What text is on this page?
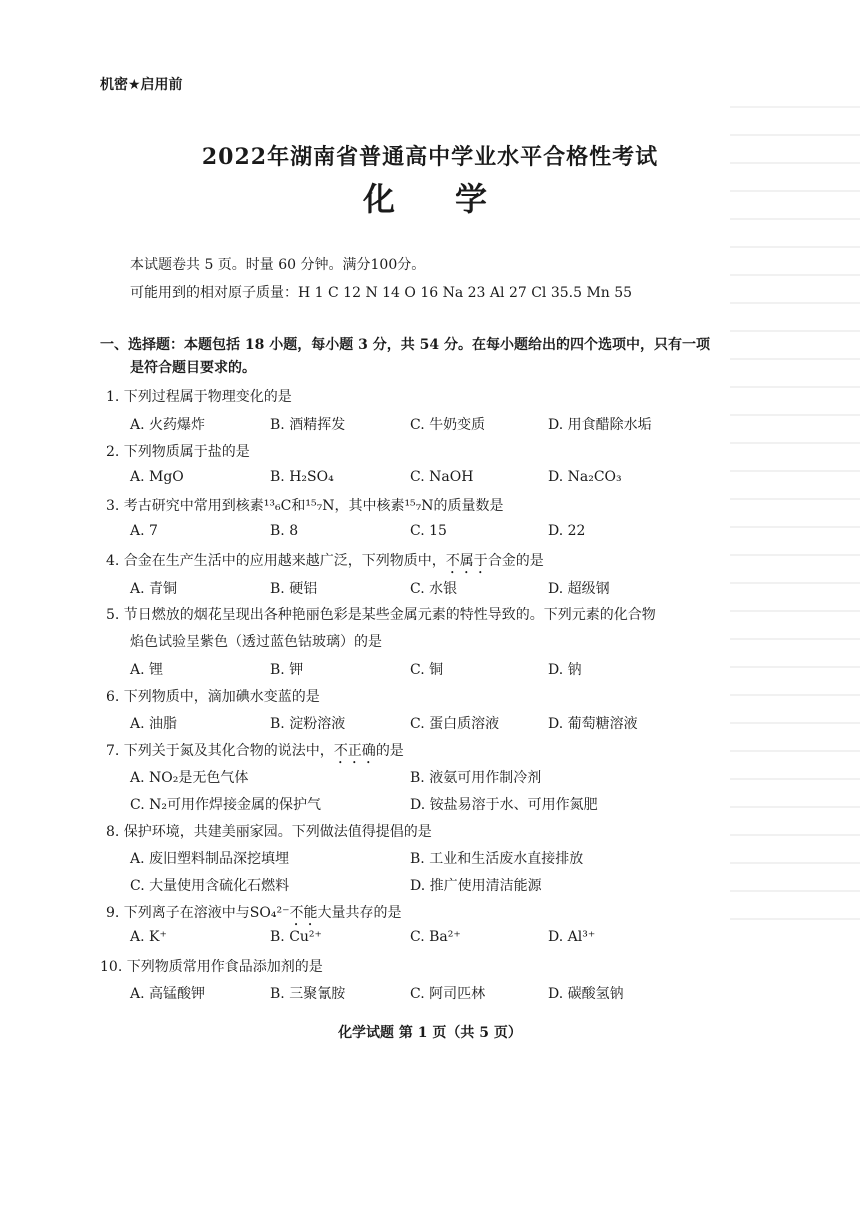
机密★启用前
2022年湖南省普通高中学业水平合格性考试
化学
本试题卷共 5 页。时量 60 分钟。满分100分。
可能用到的相对原子质量：H 1 C 12 N 14 O 16 Na 23 Al 27 Cl 35.5 Mn 55
一、选择题：本题包括 18 小题，每小题 3 分，共 54 分。在每小题给出的四个选项中，只有一项
是符合题目要求的。
1. 下列过程属于物理变化的是
A. 火药爆炸	B. 酒精挥发	C. 牛奶变质	D. 用食醋除水垢
2. 下列物质属于盐的是
A. MgO	B. H₂SO₄	C. NaOH	D. Na₂CO₃
3. 考古研究中常用到核素¹³₆C和¹⁵₇N，其中核素¹⁵₇N的质量数是
A. 7	B. 8	C. 15	D. 22
4. 合金在生产生活中的应用越来越广泛，下列物质中，不属于合金的是
A. 青铜	B. 硬铝	C. 水银	D. 超级钢
5. 节日燃放的烟花呈现出各种艳丽色彩是某些金属元素的特性导致的。下列元素的化合物
焰色试验呈紫色（透过蓝色钴玻璃）的是
A. 锂	B. 钾	C. 铜	D. 钠
6. 下列物质中，滴加碘水变蓝的是
A. 油脂	B. 淀粉溶液	C. 蛋白质溶液	D. 葡萄糖溶液
7. 下列关于氮及其化合物的说法中，不正确的是
A. NO₂是无色气体	B. 液氨可用作制冷剂
C. N₂可用作焊接金属的保护气	D. 铵盐易溶于水、可用作氮肥
8. 保护环境，共建美丽家园。下列做法值得提倡的是
A. 废旧塑料制品深挖填埋	B. 工业和生活废水直接排放
C. 大量使用含硫化石燃料	D. 推广使用清洁能源
9. 下列离子在溶液中与SO₄²⁻不能大量共存的是
A. K⁺	B. Cu²⁺	C. Ba²⁺	D. Al³⁺
10. 下列物质常用作食品添加剂的是
A. 高锰酸钾	B. 三聚氰胺	C. 阿司匹林	D. 碳酸氢钠
化学试题 第 1 页（共 5 页）
